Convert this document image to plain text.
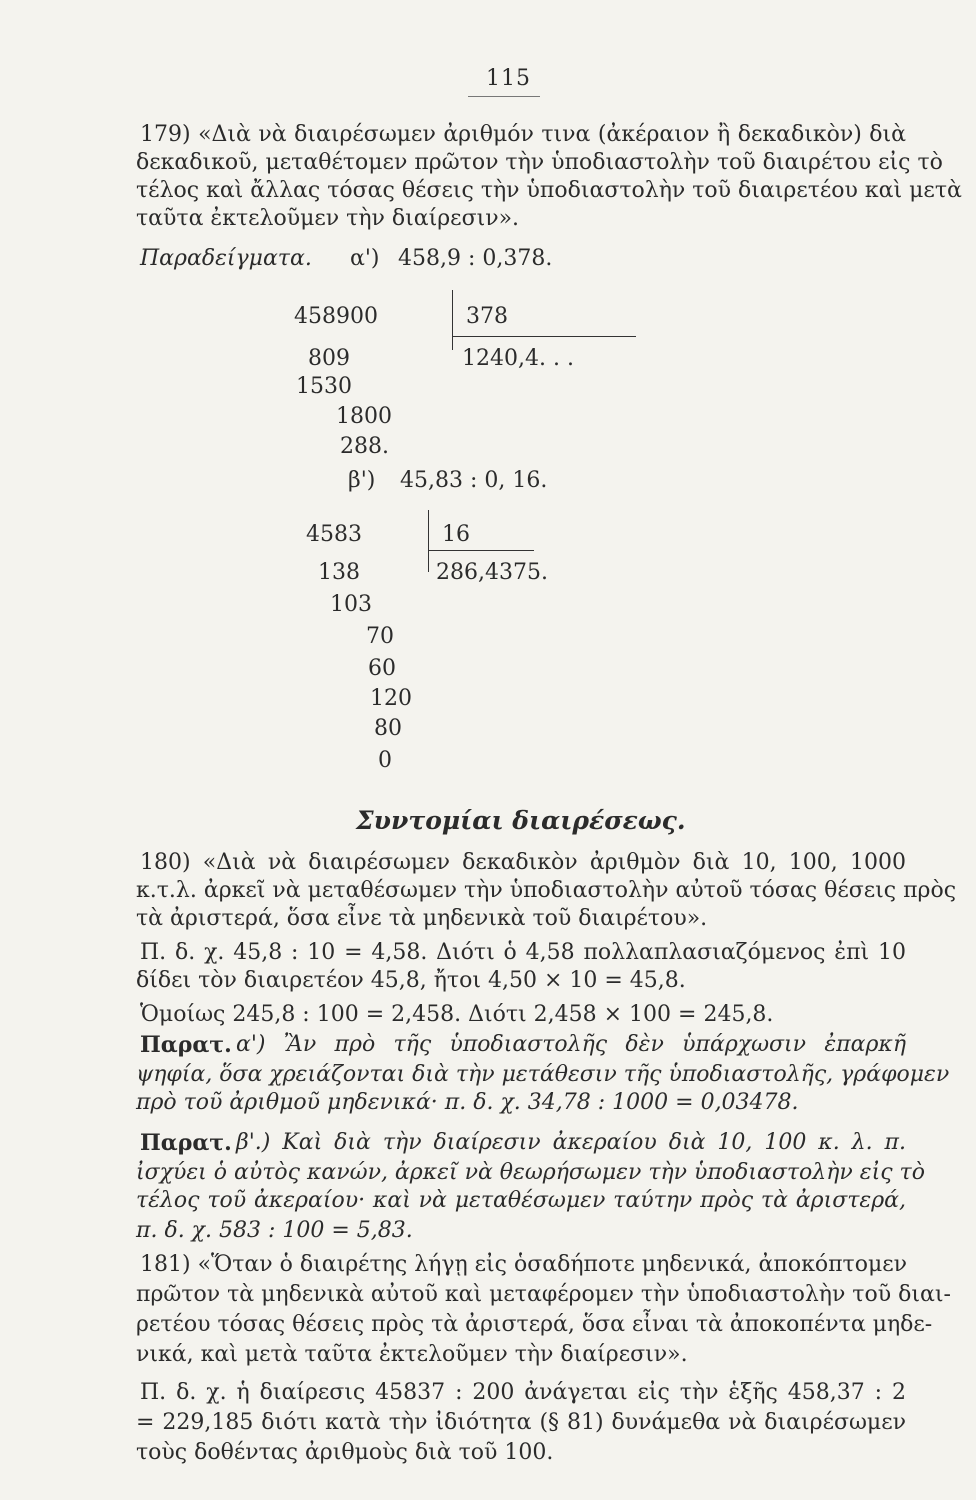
115
179) «Διὰ νὰ διαιρέσωμεν ἀριθμόν τινα (ἀκέραιον ἢ δεκαδικὸν) διὰ
δεκαδικοῦ, μεταθέτομεν πρῶτον τὴν ὑποδιαστολὴν τοῦ διαιρέτου εἰς τὸ
τέλος καὶ ἄλλας τόσας θέσεις τὴν ὑποδιαστολὴν τοῦ διαιρετέου καὶ μετὰ
ταῦτα ἐκτελοῦμεν τὴν διαίρεσιν».
Παραδείγματα. α') 458,9 : 0,378.
458900	378
1240,4. . .
809
1530
1800
288.
β') 45,83 : 0, 16.
4583	16
286,4375.
138
103
70
60
120
80
0
Συντομίαι διαιρέσεως.
180) «Διὰ νὰ διαιρέσωμεν δεκαδικὸν ἀριθμὸν διὰ 10, 100, 1000
κ.τ.λ. ἀρκεῖ νὰ μεταθέσωμεν τὴν ὑποδιαστολὴν αὐτοῦ τόσας θέσεις πρὸς
τὰ ἀριστερά, ὅσα εἶνε τὰ μηδενικὰ τοῦ διαιρέτου».
Π. δ. χ. 45,8 : 10 = 4,58. Διότι ὁ 4,58 πολλαπλασιαζόμενος ἐπὶ 10
δίδει τὸν διαιρετέον 45,8, ἤτοι 4,50 × 10 = 45,8.
Ὁμοίως 245,8 : 100 = 2,458. Διότι 2,458 × 100 = 245,8.
Παρατ. α') Ἂν πρὸ τῆς ὑποδιαστολῆς δὲν ὑπάρχωσιν ἐπαρκῆ
ψηφία, ὅσα χρειάζονται διὰ τὴν μετάθεσιν τῆς ὑποδιαστολῆς, γράφομεν
πρὸ τοῦ ἀριθμοῦ μηδενικά· π. δ. χ. 34,78 : 1000 = 0,03478.
Παρατ. β'.) Καὶ διὰ τὴν διαίρεσιν ἀκεραίου διὰ 10, 100 κ. λ. π.
ἰσχύει ὁ αὐτὸς κανών, ἀρκεῖ νὰ θεωρήσωμεν τὴν ὑποδιαστολὴν εἰς τὸ
τέλος τοῦ ἀκεραίου· καὶ νὰ μεταθέσωμεν ταύτην πρὸς τὰ ἀριστερά,
π. δ. χ. 583 : 100 = 5,83.
181) «Ὅταν ὁ διαιρέτης λήγῃ εἰς ὁσαδήποτε μηδενικά, ἀποκόπτομεν
πρῶτον τὰ μηδενικὰ αὐτοῦ καὶ μεταφέρομεν τὴν ὑποδιαστολὴν τοῦ διαι-
ρετέου τόσας θέσεις πρὸς τὰ ἀριστερά, ὅσα εἶναι τὰ ἀποκοπέντα μηδε-
νικά, καὶ μετὰ ταῦτα ἐκτελοῦμεν τὴν διαίρεσιν».
Π. δ. χ. ἡ διαίρεσις 45837 : 200 ἀνάγεται εἰς τὴν ἑξῆς 458,37 : 2
= 229,185 διότι κατὰ τὴν ἰδιότητα (§ 81) δυνάμεθα νὰ διαιρέσωμεν
τοὺς δοθέντας ἀριθμοὺς διὰ τοῦ 100.
